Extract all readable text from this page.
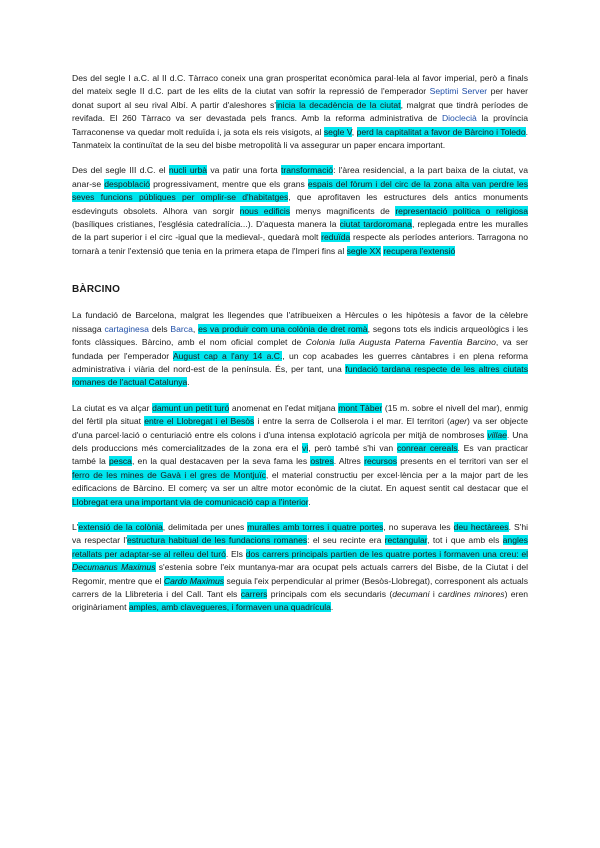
Des del segle I a.C. al II d.C. Tàrraco coneix una gran prosperitat econòmica paral·lela al favor imperial, però a finals del mateix segle II d.C. part de les elits de la ciutat van sofrir la repressió de l'emperador Septimi Server per haver donat suport al seu rival Albí. A partir d'aleshores s'inicia la decadència de la ciutat, malgrat que tindrà períodes de revifada. El 260 Tàrraco va ser devastada pels francs. Amb la reforma administrativa de Dioclecià la província Tarraconense va quedar molt reduïda i, ja sota els reis visigots, al segle V, perd la capitalitat a favor de Bàrcino i Toledo. Tanmateix la continuïtat de la seu del bisbe metropolità li va assegurar un paper encara important.

Des del segle III d.C. el nucli urbà va patir una forta transformació: l'àrea residencial, a la part baixa de la ciutat, va anar-se despoblació progressivament, mentre que els grans espais del fòrum i del circ de la zona alta van perdre les seves funcions públiques per omplir-se d'habitatges, que aprofitaven les estructures dels antics monuments esdevinguts obsolets. Alhora van sorgir nous edificis menys magnificents de representació política o religiosa (basíliques cristianes, l'església catedralícia...). D'aquesta manera la ciutat tardoromana, replegada entre les muralles de la part superior i el circ -igual que la medieval-, quedarà molt reduïda respecte als períodes anteriors. Tarragona no tornarà a tenir l'extensió que tenia en la primera etapa de l'Imperi fins al segle XX recupera l'extensió

BÀRCINO

La fundació de Barcelona, malgrat les llegendes que l'atribueixen a Hèrcules o les hipòtesis a favor de la cèlebre nissaga cartaginesa dels Barca, es va produir com una colònia de dret romà, segons tots els indicis arqueològics i les fonts clàssiques. Bàrcino, amb el nom oficial complet de Colonia Iulia Augusta Paterna Faventia Barcino, va ser fundada per l'emperador August cap a l'any 14 a.C., un cop acabades les guerres càntabres i en plena reforma administrativa i viària del nord-est de la península. És, per tant, una fundació tardana respecte de les altres ciutats romanes de l'actual Catalunya.

La ciutat es va alçar damunt un petit turó anomenat en l'edat mitjana mont Tàber (15 m. sobre el nivell del mar), enmig del fèrtil pla situat entre el Llobregat i el Besòs i entre la serra de Collserola i el mar. El territori (ager) va ser objecte d'una parcel·lació o centuriació entre els colons i d'una intensa explotació agrícola per mitjà de nombroses villae. Una dels produccions més comercialitzades de la zona era el vi, però també s'hi van conrear cereals. Es van practicar també la pesca, en la qual destacaven per la seva fama les ostres. Altres recursos presents en el territori van ser el ferro de les mines de Gavà i el gres de Montjuïc, el material constructiu per excel·lència per a la major part de les edificacions de Bàrcino. El comerç va ser un altre motor econòmic de la ciutat. En aquest sentit cal destacar que el Llobregat era una important via de comunicació cap a l'interior.

L'extensió de la colònia, delimitada per unes muralles amb torres i quatre portes, no superava les deu hectàrees. S'hi va respectar l'estructura habitual de les fundacions romanes: el seu recinte era rectangular, tot i que amb els angles retallats per adaptar-se al relleu del turó. Els dos carrers principals partien de les quatre portes i formaven una creu: el Decumanus Maximus s'estenia sobre l'eix muntanya-mar ara ocupat pels actuals carrers del Bisbe, de la Ciutat i del Regomir, mentre que el Cardo Maximus seguia l'eix perpendicular al primer (Besòs-Llobregat), corresponent als actuals carrers de la Llibreteria i del Call. Tant els carrers principals com els secundaris (decumani i cardines minores) eren originàriament amples, amb clavegueres, i formaven una quadrícula.
